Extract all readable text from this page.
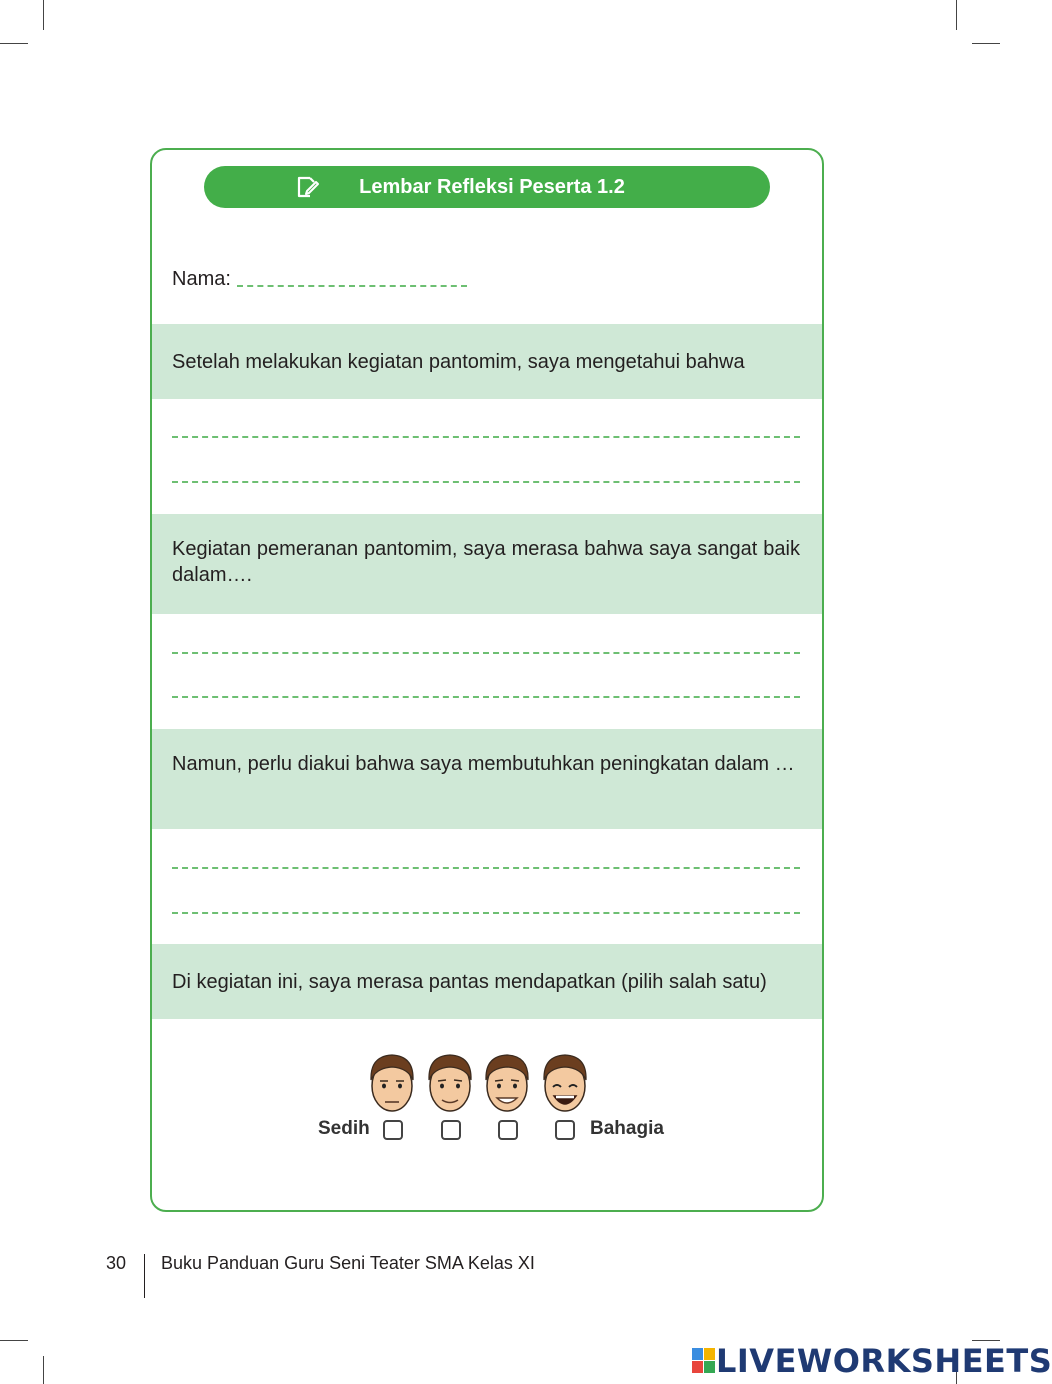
Lembar Refleksi Peserta 1.2
Nama:

Setelah melakukan kegiatan pantomim, saya mengetahui bahwa

Kegiatan pemeranan pantomim, saya merasa bahwa saya sangat baik dalam….

Namun, perlu diakui bahwa saya membutuhkan peningkatan dalam …

Di kegiatan ini, saya merasa pantas mendapatkan (pilih salah satu)

Sedih	Bahagia
30 Buku Panduan Guru Seni Teater SMA Kelas XI
LIVEWORKSHEETS
